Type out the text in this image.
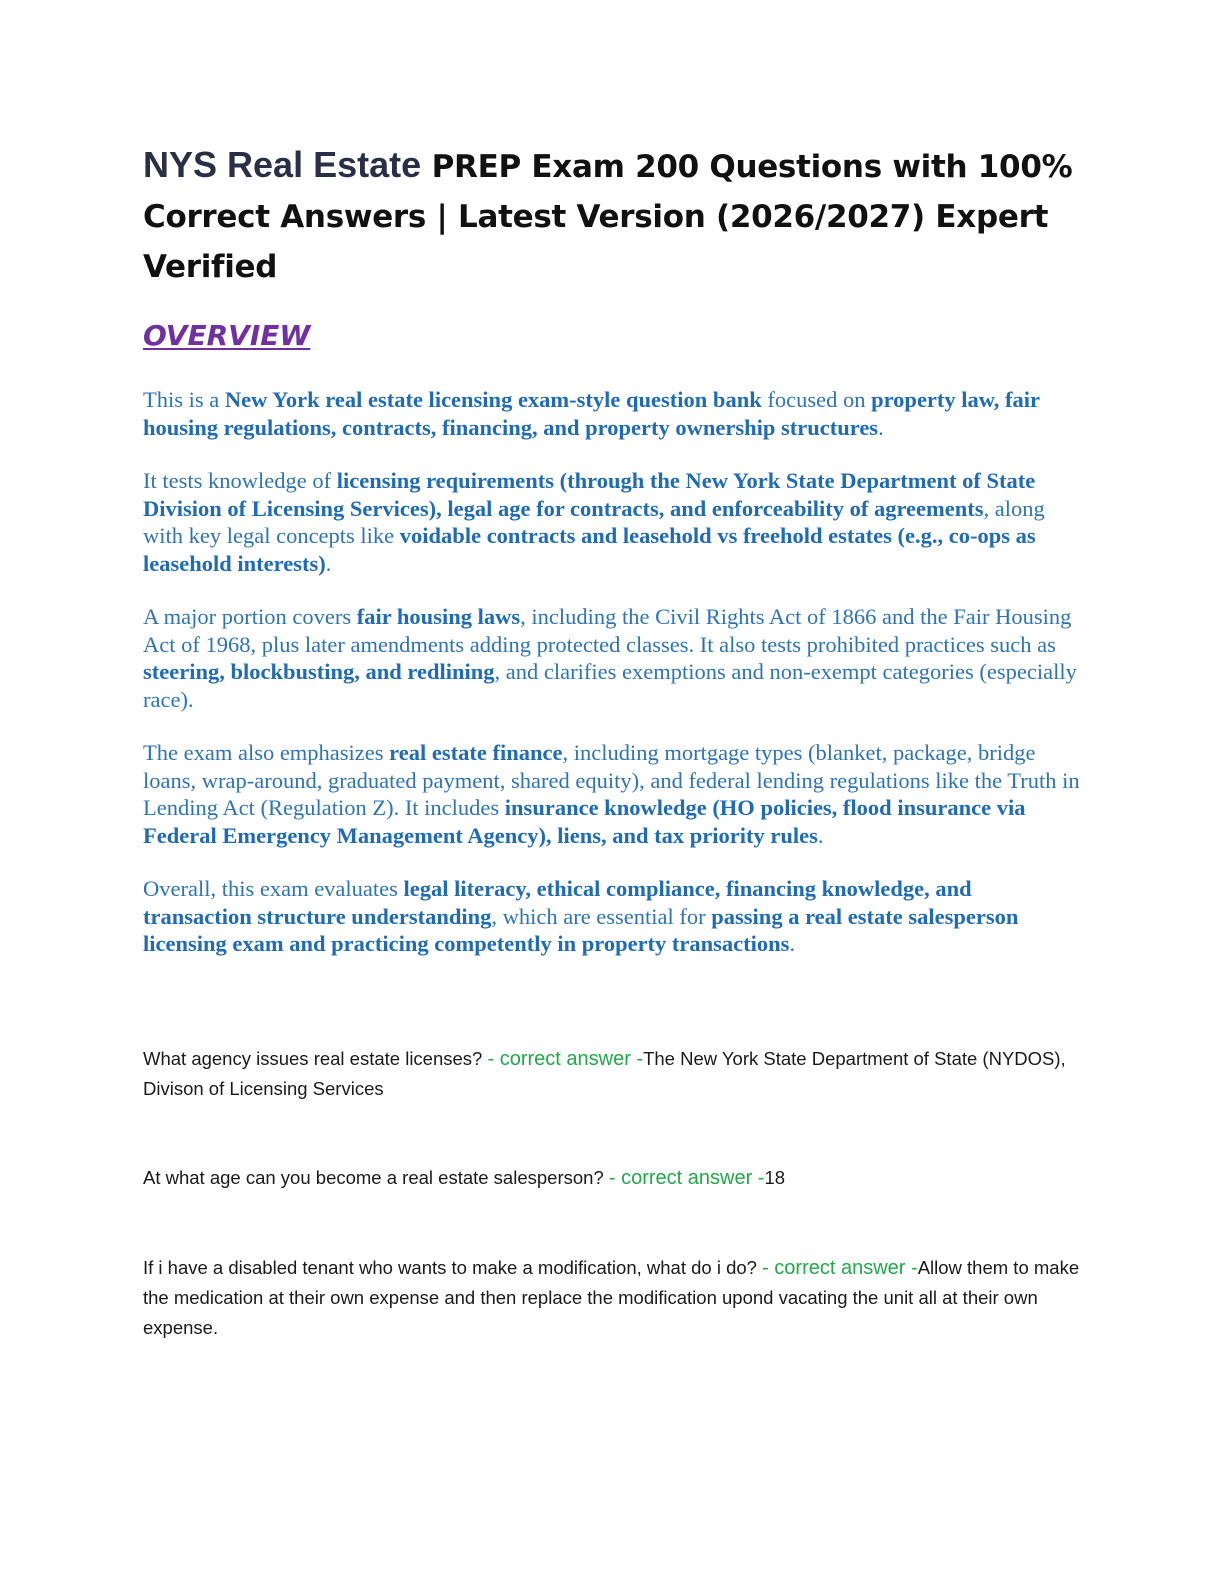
NYS Real Estate PREP Exam 200 Questions with 100% Correct Answers | Latest Version (2026/2027) Expert Verified
OVERVIEW

This is a New York real estate licensing exam-style question bank focused on property law, fair housing regulations, contracts, financing, and property ownership structures.

It tests knowledge of licensing requirements (through the New York State Department of State Division of Licensing Services), legal age for contracts, and enforceability of agreements, along with key legal concepts like voidable contracts and leasehold vs freehold estates (e.g., co-ops as leasehold interests).

A major portion covers fair housing laws, including the Civil Rights Act of 1866 and the Fair Housing Act of 1968, plus later amendments adding protected classes. It also tests prohibited practices such as steering, blockbusting, and redlining, and clarifies exemptions and non-exempt categories (especially race).

The exam also emphasizes real estate finance, including mortgage types (blanket, package, bridge loans, wrap-around, graduated payment, shared equity), and federal lending regulations like the Truth in Lending Act (Regulation Z). It includes insurance knowledge (HO policies, flood insurance via Federal Emergency Management Agency), liens, and tax priority rules.

Overall, this exam evaluates legal literacy, ethical compliance, financing knowledge, and transaction structure understanding, which are essential for passing a real estate salesperson licensing exam and practicing competently in property transactions.

What agency issues real estate licenses? - correct answer -The New York State Department of State (NYDOS), Divison of Licensing Services

At what age can you become a real estate salesperson? - correct answer -18

If i have a disabled tenant who wants to make a modification, what do i do? - correct answer -Allow them to make the medication at their own expense and then replace the modification upond vacating the unit all at their own expense.
